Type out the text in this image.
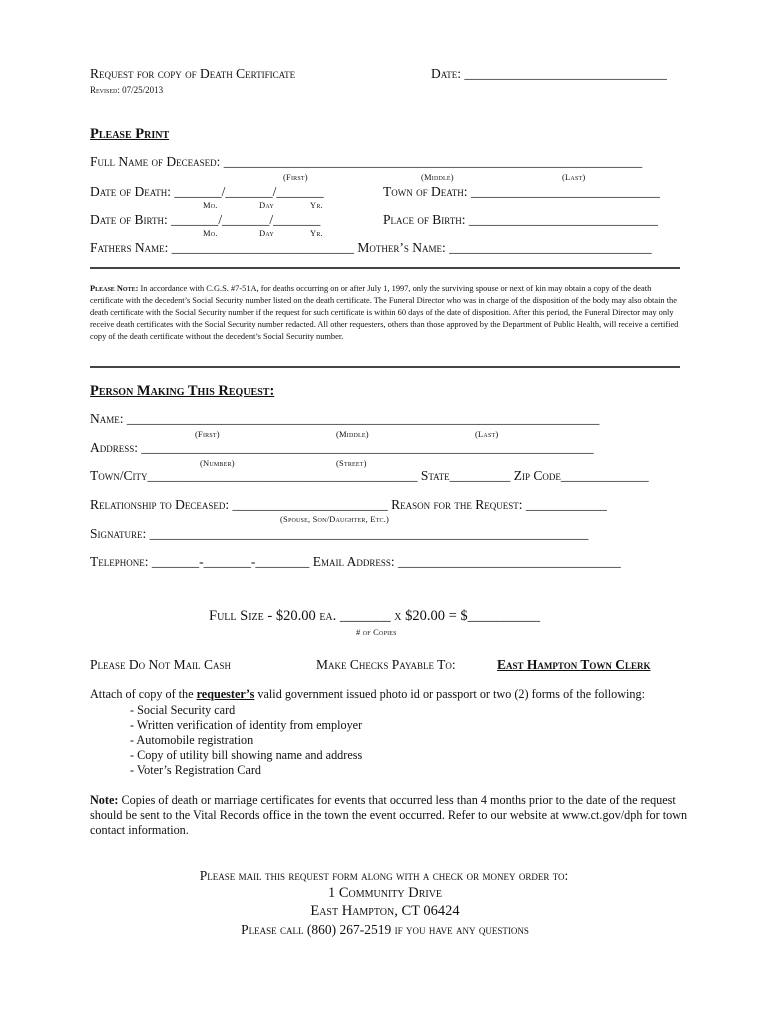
Request for copy of Death Certificate	Date: ______________________________
Revised: 07/25/2013
Please Print
Full Name of Deceased: ______________________________________________________________
(First)	(Middle)	(Last)
Date of Death: _______/_______/_______	Town of Death: ____________________________
Mo.	Day	Yr.
Date of Birth: _______/_______/_______	Place of Birth: ____________________________
Mo.	Day	Yr.
Fathers Name: ___________________________ Mother’s Name: ______________________________
Please Note: In accordance with C.G.S. #7-51A, for deaths occurring on or after July 1, 1997, only the surviving spouse or next of kin may obtain a copy of the death certificate with the decedent’s Social Security number listed on the death certificate. The Funeral Director who was in charge of the disposition of the body may also obtain the death certificate with the Social Security number if the request for such certificate is within 60 days of the date of disposition. After this period, the Funeral Director may only receive death certificates with the Social Security number redacted. All other requesters, others than those approved by the Department of Public Health, will receive a certified copy of the death certificate without the decedent’s Social Security number.
Person Making This Request:
Name: ______________________________________________________________________
(First)	(Middle)	(Last)
Address: ___________________________________________________________________
(Number)	(Street)
Town/City________________________________________ State_________ Zip Code_____________
Relationship to Deceased: _______________________ Reason for the Request: ____________
(Spouse, Son/Daughter, Etc.)
Signature: _________________________________________________________________
Telephone: _______-_______-________ Email Address: _________________________________
Full Size - $20.00 ea. _______ x $20.00 = $__________
# of Copies
Please Do Not Mail Cash	Make Checks Payable To:	East Hampton Town Clerk
Attach of copy of the requester’s valid government issued photo id or passport or two (2) forms of the following:
- Social Security card
- Written verification of identity from employer
- Automobile registration
- Copy of utility bill showing name and address
- Voter’s Registration Card
Note: Copies of death or marriage certificates for events that occurred less than 4 months prior to the date of the request should be sent to the Vital Records office in the town the event occurred. Refer to our website at www.ct.gov/dph for town contact information.
Please mail this request form along with a check or money order to:
1 Community Drive
East Hampton, CT 06424
Please call (860) 267-2519 if you have any questions
